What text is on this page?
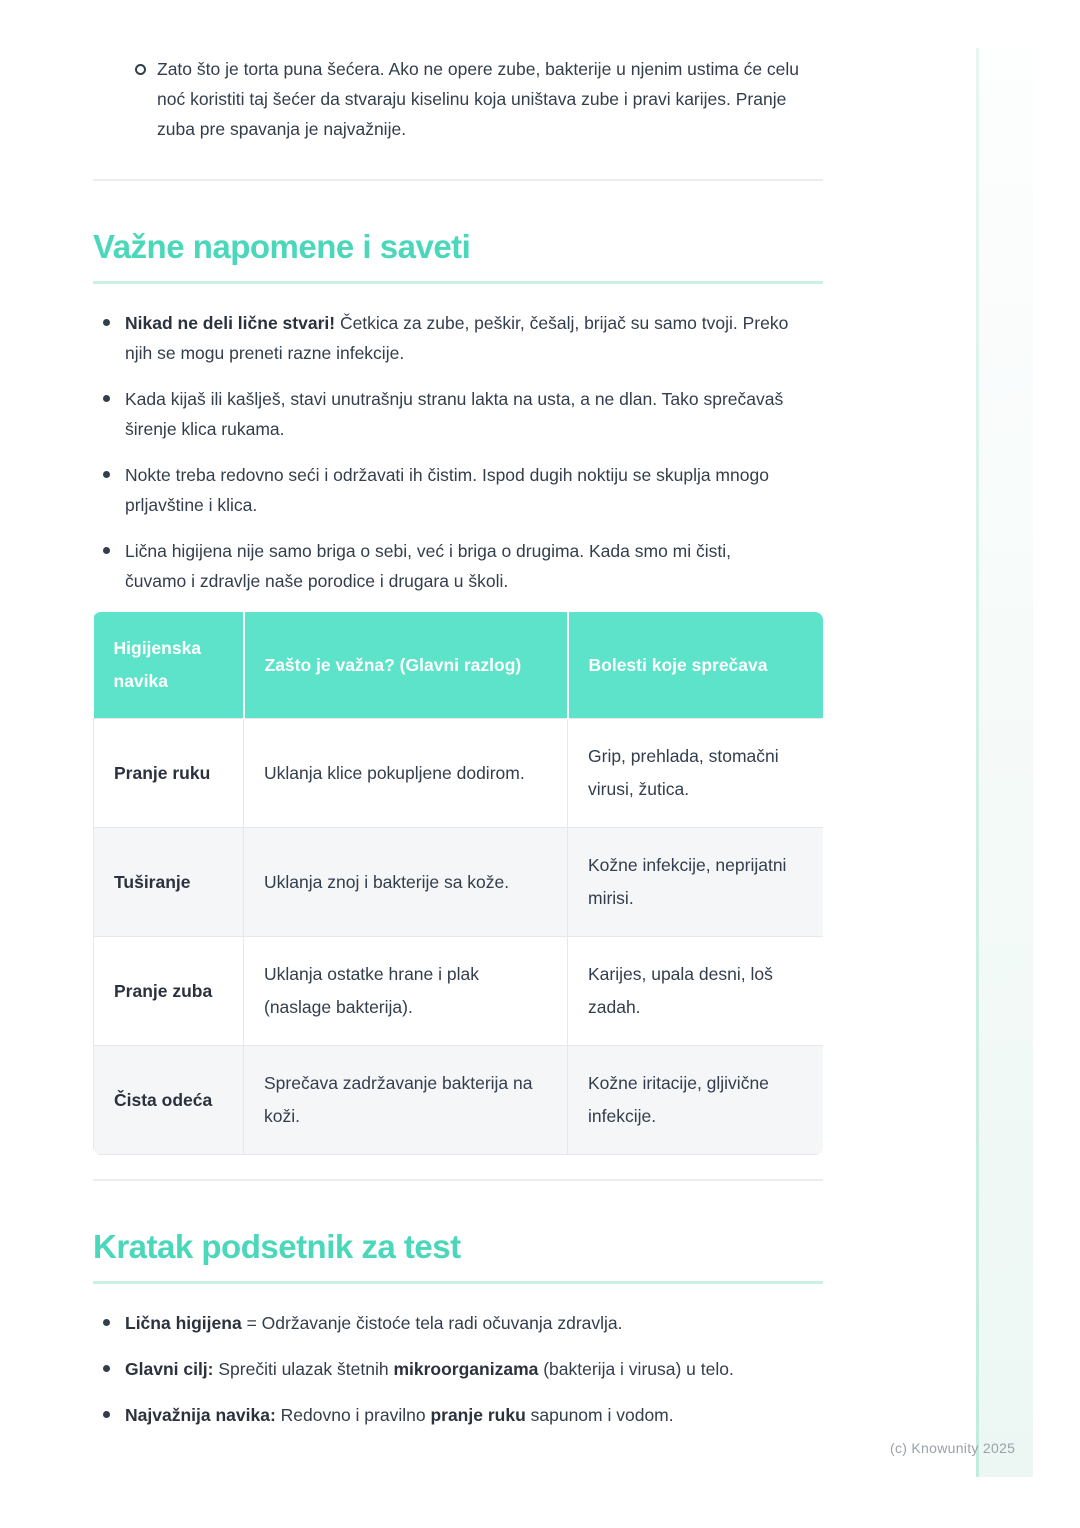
Zato što je torta puna šećera. Ako ne opere zube, bakterije u njenim ustima će celu noć koristiti taj šećer da stvaraju kiselinu koja uništava zube i pravi karijes. Pranje zuba pre spavanja je najvažnije.
Važne napomene i saveti
Nikad ne deli lične stvari! Četkica za zube, peškir, češalj, brijač su samo tvoji. Preko njih se mogu preneti razne infekcije.
Kada kijaš ili kašlješ, stavi unutrašnju stranu lakta na usta, a ne dlan. Tako sprečavaš širenje klica rukama.
Nokte treba redovno seći i održavati ih čistim. Ispod dugih noktiju se skuplja mnogo prljavštine i klica.
Lična higijena nije samo briga o sebi, već i briga o drugima. Kada smo mi čisti, čuvamo i zdravlje naše porodice i drugara u školi.
Higijenska navika	Zašto je važna? (Glavni razlog)	Bolesti koje sprečava
Pranje ruku	Uklanja klice pokupljene dodirom.	Grip, prehlada, stomačni virusi, žutica.
Tuširanje	Uklanja znoj i bakterije sa kože.	Kožne infekcije, neprijatni mirisi.
Pranje zuba	Uklanja ostatke hrane i plak (naslage bakterija).	Karijes, upala desni, loš zadah.
Čista odeća	Sprečava zadržavanje bakterija na koži.	Kožne iritacije, gljivične infekcije.
Kratak podsetnik za test
Lična higijena = Održavanje čistoće tela radi očuvanja zdravlja.
Glavni cilj: Sprečiti ulazak štetnih mikroorganizama (bakterija i virusa) u telo.
Najvažnija navika: Redovno i pravilno pranje ruku sapunom i vodom.
(c) Knowunity 2025
